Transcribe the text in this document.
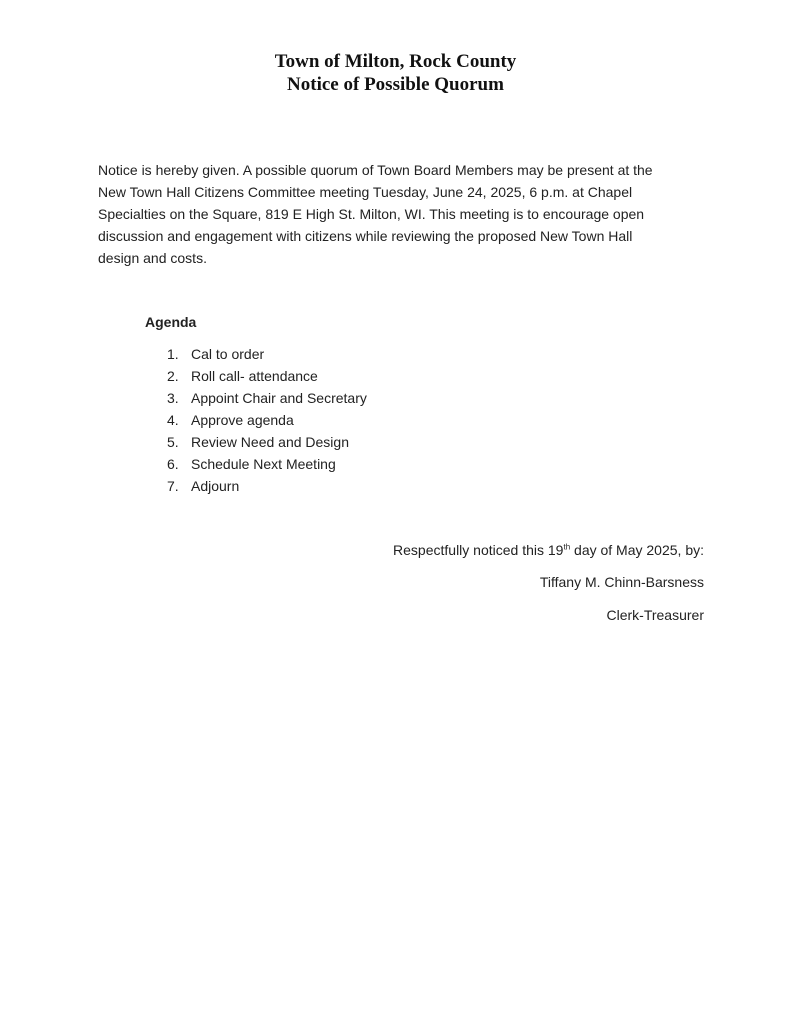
Town of Milton, Rock County
Notice of Possible Quorum
Notice is hereby given. A possible quorum of Town Board Members may be present at the
New Town Hall Citizens Committee meeting Tuesday, June 24, 2025, 6 p.m. at Chapel
Specialties on the Square, 819 E High St. Milton, WI. This meeting is to encourage open
discussion and engagement with citizens while reviewing the proposed New Town Hall
design and costs.
Agenda
1. Cal to order
2. Roll call- attendance
3. Appoint Chair and Secretary
4. Approve agenda
5. Review Need and Design
6. Schedule Next Meeting
7. Adjourn
Respectfully noticed this 19th day of May 2025, by:
Tiffany M. Chinn-Barsness
Clerk-Treasurer
